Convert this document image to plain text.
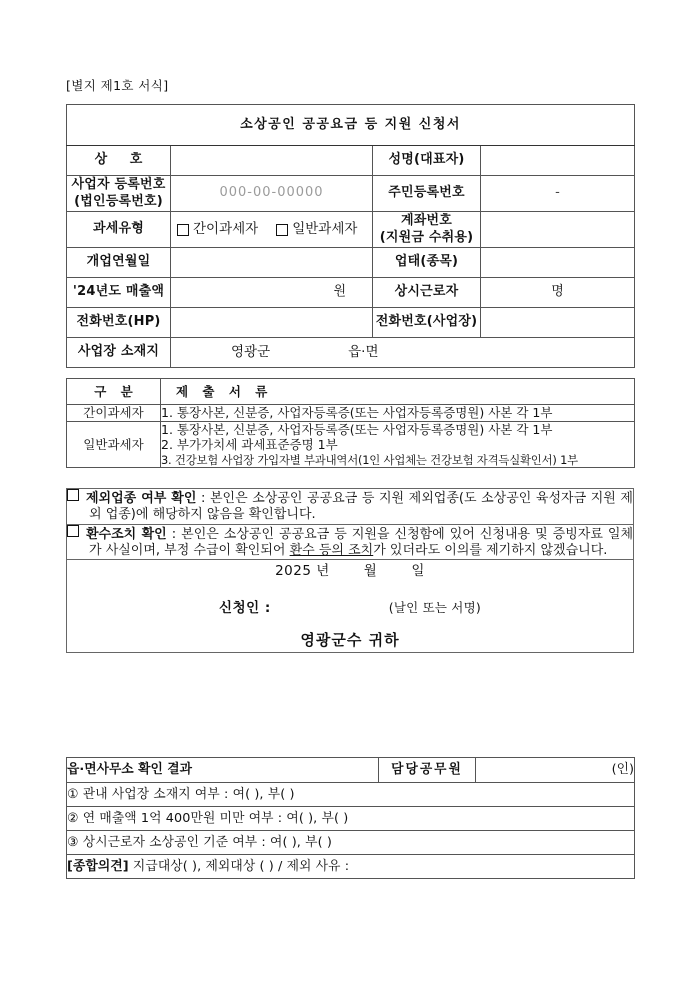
[별지 제1호 서식]
소상공인 공공요금 등 지원 신청서			
상 호		성명(대표자)	
사업자 등록번호
(법인등록번호)	000-00-00000	주민등록번호	-
과세유형	간이과세자 일반과세자	계좌번호
(지원금 수취용)	

개업연월일		업태(종목)	
'24년도 매출액	원	상시근로자	명
전화번호(HP)		전화번호(사업장)	
사업장 소재지	영광군 읍·면		
구 분	제 출 서 류
간이과세자	1. 통장사본, 신분증, 사업자등록증(또는 사업자등록증명원) 사본 각 1부

일반과세자	1. 통장사본, 신분증, 사업자등록증(또는 사업자등록증명원) 사본 각 1부
2. 부가가치세 과세표준증명 1부
3. 건강보험 사업장 가입자별 부과내역서(1인 사업체는 건강보험 자격득실확인서) 1부
제외업종 여부 확인 : 본인은 소상공인 공공요금 등 지원 제외업종(도 소상공인 육성자금 지원 제외 업종)에 해당하지 않음을 확인합니다.

환수조치 확인 : 본인은 소상공인 공공요금 등 지원을 신청함에 있어 신청내용 및 증빙자료 일체가 사실이며, 부정 수급이 확인되어 환수 등의 조치가 있더라도 이의를 제기하지 않겠습니다.

2025 년	월	일
신청인 :	(날인 또는 서명)
영광군수 귀하
읍·면사무소 확인 결과	담당공무원	(인)
① 관내 사업장 소재지 여부 : 여( ), 부( )
② 연 매출액 1억 400만원 미만 여부 : 여( ), 부( )
③ 상시근로자 소상공인 기준 여부 : 여( ), 부( )
[종합의견] 지급대상( ), 제외대상 ( ) / 제외 사유 :
